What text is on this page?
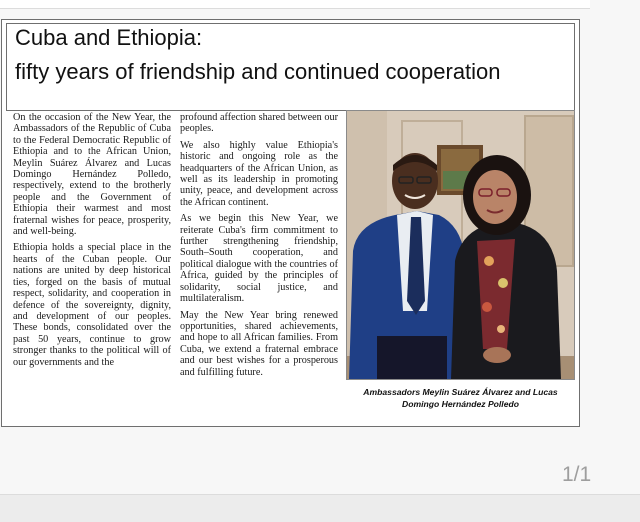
Cuba and Ethiopia:
fifty years of friendship and continued cooperation

On the occasion of the New Year, the Ambassadors of the Republic of Cuba to the Federal Democratic Republic of Ethiopia and to the African Union, Meylin Suárez Álvarez and Lucas Domingo Hernández Polledo, respectively, extend to the brotherly people and the Government of Ethiopia their warmest and most fraternal wishes for peace, prosperity, and well-being.

Ethiopia holds a special place in the hearts of the Cuban people. Our nations are united by deep historical ties, forged on the basis of mutual respect, solidarity, and cooperation in defence of the sovereignty, dignity, and development of our peoples. These bonds, consolidated over the past 50 years, continue to grow stronger thanks to the political will of our governments and the

profound affection shared between our peoples.

We also highly value Ethiopia's historic and ongoing role as the headquarters of the African Union, as well as its leadership in promoting unity, peace, and development across the African continent.

As we begin this New Year, we reiterate Cuba's firm commitment to further strengthening friendship, South–South cooperation, and political dialogue with the countries of Africa, guided by the principles of solidarity, social justice, and multilateralism.

May the New Year bring renewed opportunities, shared achievements, and hope to all African families. From Cuba, we extend a fraternal embrace and our best wishes for a prosperous and fulfilling future.

Ambassadors Meylin Suárez Álvarez and Lucas Domingo Hernández Polledo
1/1
